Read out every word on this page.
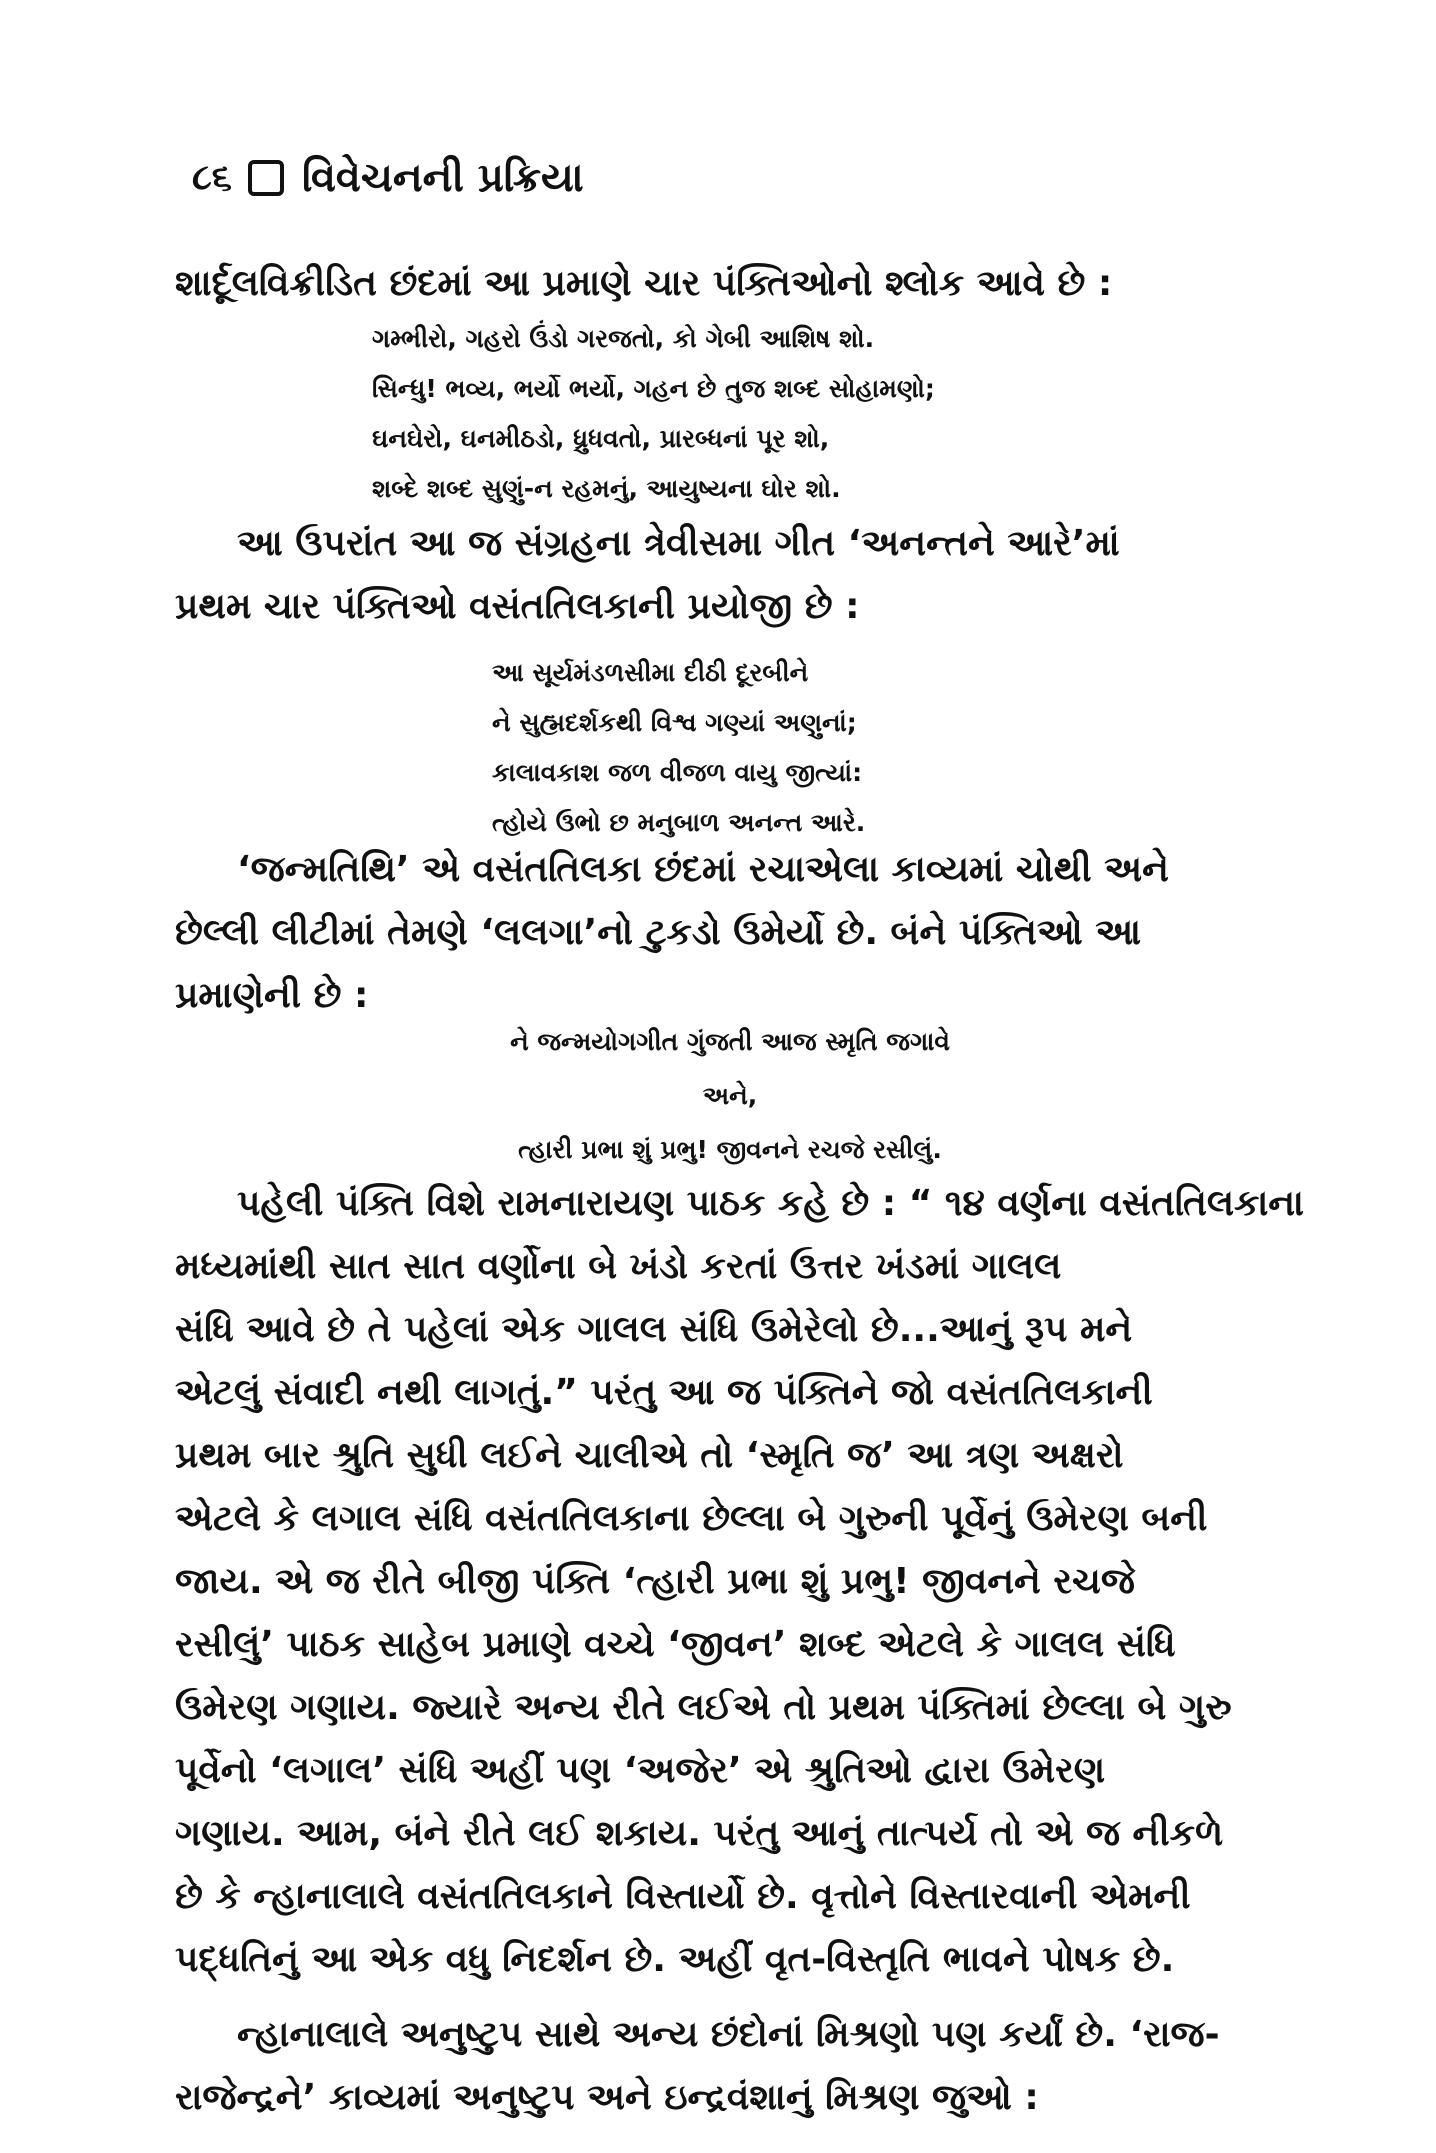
૮૬ વિવેચનની પ્રક્રિયા

શાર્દૂલવિક્રીડિત છંદમાં આ પ્રમાણે ચાર પંક્તિઓનો શ્લોક આવે છે :

ગમ્ભીરો, ગહરો ઉંડો ગરજતો, કો ગેબી આશિષ શો.
સિન્ધુ! ભવ્ય, ભર્યો ભર્યો, ગહન છે તુજ શબ્દ સોહામણો;
ઘનઘેરો, ઘનમીઠડો, ધ્રુધવતો, પ્રારબ્ધનાં પૂર શો,
શબ્દે શબ્દ સુણું-ન રહમનું, આયુષ્યના ઘોર શો.

આ ઉપરાંત આ જ સંગ્રહના ત્રેવીસમા ગીત ‘અનન્તને આરે’માં
પ્રથમ ચાર પંક્તિઓ વસંતતિલકાની પ્રયોજી છે :

આ સૂર્યમંડળસીમા દીઠી દૂરબીને
ને સુહ્મદર્શકથી વિશ્વ ગણ્યાં અણુનાં;
કાલાવકાશ જળ વીજળ વાયુ જીત્યાં:
ત્હોયે ઉભો છ મનુબાળ અનન્ત આરે.

‘જન્મતિથિ’ એ વસંતતિલકા છંદમાં રચાએલા કાવ્યમાં ચોથી અને
છેલ્લી લીટીમાં તેમણે ‘લલગા’નો ટુકડો ઉમેર્યો છે. બંને પંક્તિઓ આ
પ્રમાણેની છે :

ને જન્મયોગગીત ગુંજતી આજ સ્મૃતિ જગાવે
અને,
ત્હારી પ્રભા શું પ્રભુ! જીવનને રચજે રસીલું.

પહેલી પંક્તિ વિશે રામનારાયણ પાઠક કહે છે : “ ૧૪ વર્ણના વસંતતિલકાના
મધ્યમાંથી સાત સાત વર્ણોના બે ખંડો કરતાં ઉત્તર ખંડમાં ગાલલ
સંધિ આવે છે તે પહેલાં એક ગાલલ સંધિ ઉમેરેલો છે...આનું રૂપ મને
એટલું સંવાદી નથી લાગતું.” પરંતુ આ જ પંક્તિને જો વસંતતિલકાની
પ્રથમ બાર શ્રુતિ સુધી લઈને ચાલીએ તો ‘સ્મૃતિ જ’ આ ત્રણ અક્ષરો
એટલે કે લગાલ સંધિ વસંતતિલકાના છેલ્લા બે ગુરુની પૂર્વેનું ઉમેરણ બની
જાય. એ જ રીતે બીજી પંક્તિ ‘ત્હારી પ્રભા શું પ્રભુ! જીવનને રચજે
રસીલું’ પાઠક સાહેબ પ્રમાણે વચ્ચે ‘જીવન’ શબ્દ એટલે કે ગાલલ સંધિ
ઉમેરણ ગણાય. જ્યારે અન્ય રીતે લઈએ તો પ્રથમ પંક્તિમાં છેલ્લા બે ગુરુ
પૂર્વેનો ‘લગાલ’ સંધિ અહીં પણ ‘અજેર’ એ શ્રુતિઓ દ્વારા ઉમેરણ
ગણાય. આમ, બંને રીતે લઈ શકાય. પરંતુ આનું તાત્પર્ય તો એ જ નીકળે
છે કે ન્હાનાલાલે વસંતતિલકાને વિસ્તાર્યો છે. વૃત્તોને વિસ્તારવાની એમની
પદ્ધતિનું આ એક વધુ નિદર્શન છે. અહીં વૃત-વિસ્તૃતિ ભાવને પોષક છે.

ન્હાનાલાલે અનુષ્ટુપ સાથે અન્ય છંદોનાં મિશ્રણો પણ કર્યાં છે. ‘રાજ-
રાજેન્દ્રને’ કાવ્યમાં અનુષ્ટુપ અને ઇન્દ્રવંશાનું મિશ્રણ જુઓ :
